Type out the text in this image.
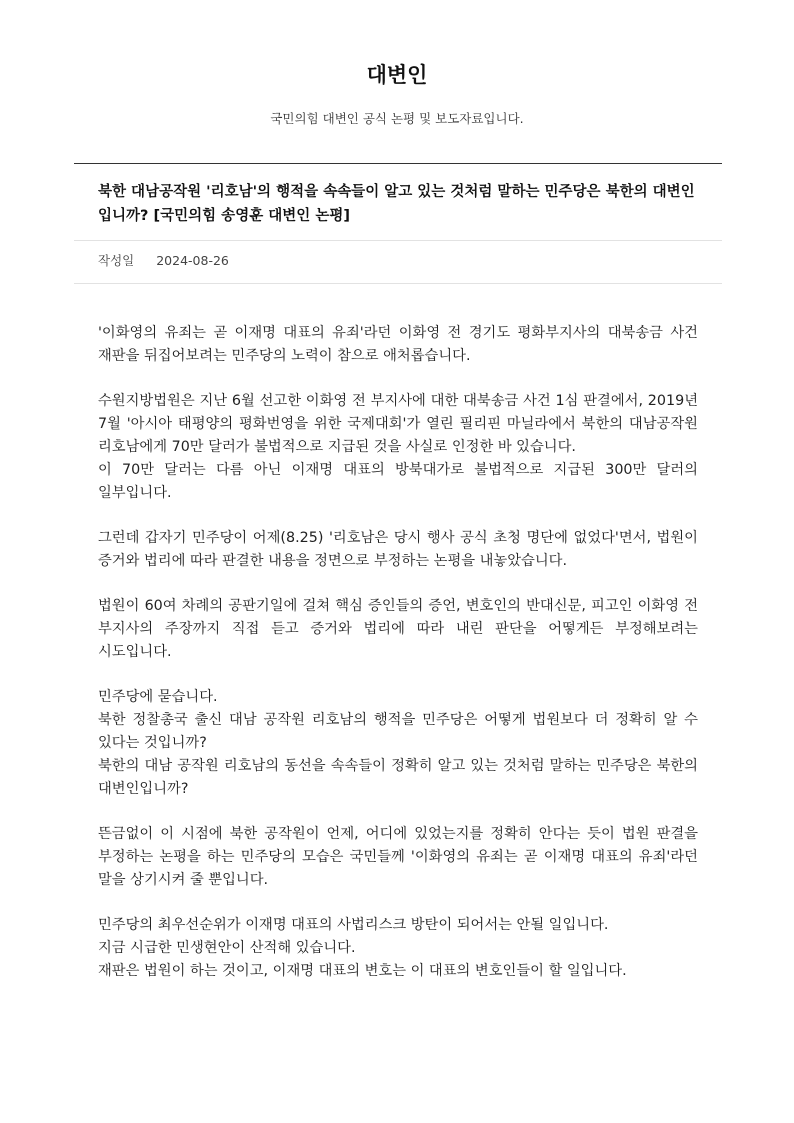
대변인
국민의힘 대변인 공식 논평 및 보도자료입니다.
북한 대남공작원 '리호남'의 행적을 속속들이 알고 있는 것처럼 말하는 민주당은 북한의 대변인입니까? [국민의힘 송영훈 대변인 논평]
작성일 2024-08-26

'이화영의 유죄는 곧 이재명 대표의 유죄'라던 이화영 전 경기도 평화부지사의 대북송금 사건 재판을 뒤집어보려는 민주당의 노력이 참으로 애처롭습니다.

수원지방법원은 지난 6월 선고한 이화영 전 부지사에 대한 대북송금 사건 1심 판결에서, 2019년 7월 '아시아 태평양의 평화번영을 위한 국제대회'가 열린 필리핀 마닐라에서 북한의 대남공작원 리호남에게 70만 달러가 불법적으로 지급된 것을 사실로 인정한 바 있습니다.
이 70만 달러는 다름 아닌 이재명 대표의 방북대가로 불법적으로 지급된 300만 달러의 일부입니다.

그런데 갑자기 민주당이 어제(8.25) '리호남은 당시 행사 공식 초청 명단에 없었다'면서, 법원이 증거와 법리에 따라 판결한 내용을 정면으로 부정하는 논평을 내놓았습니다.

법원이 60여 차례의 공판기일에 걸쳐 핵심 증인들의 증언, 변호인의 반대신문, 피고인 이화영 전 부지사의 주장까지 직접 듣고 증거와 법리에 따라 내린 판단을 어떻게든 부정해보려는 시도입니다.

민주당에 묻습니다.
북한 정찰총국 출신 대남 공작원 리호남의 행적을 민주당은 어떻게 법원보다 더 정확히 알 수 있다는 것입니까?
북한의 대남 공작원 리호남의 동선을 속속들이 정확히 알고 있는 것처럼 말하는 민주당은 북한의 대변인입니까?

뜬금없이 이 시점에 북한 공작원이 언제, 어디에 있었는지를 정확히 안다는 듯이 법원 판결을 부정하는 논평을 하는 민주당의 모습은 국민들께 '이화영의 유죄는 곧 이재명 대표의 유죄'라던 말을 상기시켜 줄 뿐입니다.

민주당의 최우선순위가 이재명 대표의 사법리스크 방탄이 되어서는 안될 일입니다.
지금 시급한 민생현안이 산적해 있습니다.
재판은 법원이 하는 것이고, 이재명 대표의 변호는 이 대표의 변호인들이 할 일입니다.
